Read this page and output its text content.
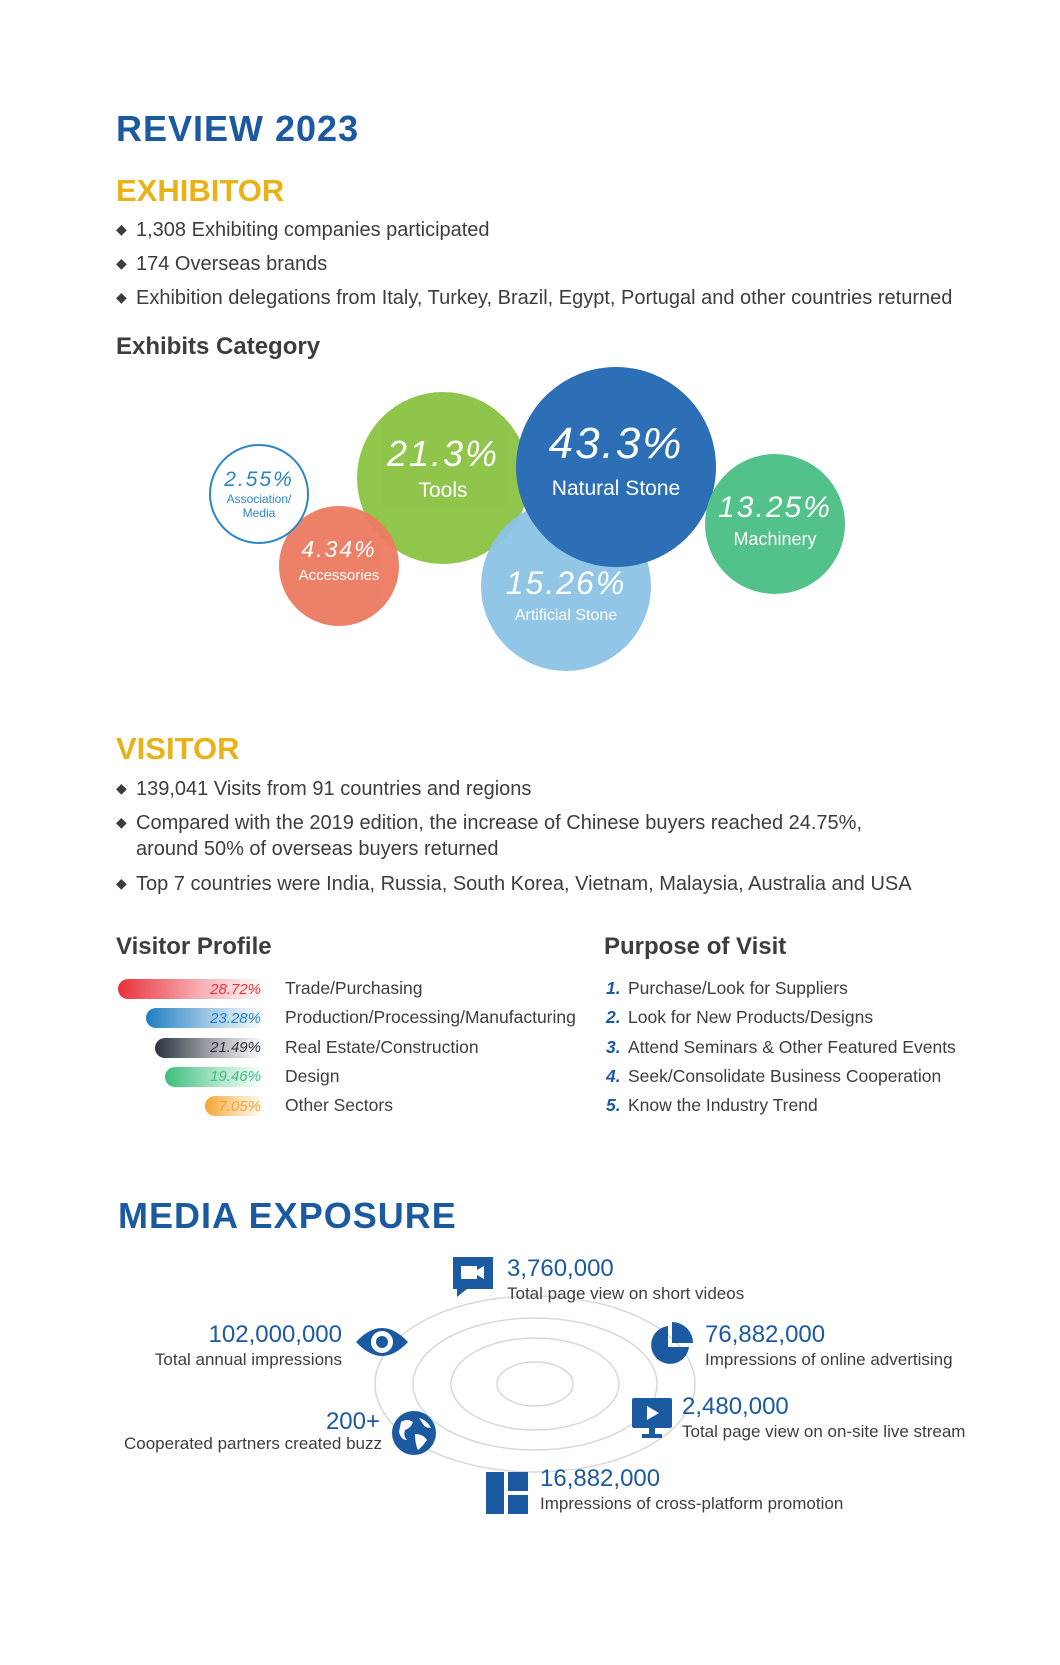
REVIEW 2023
EXHIBITOR
◆ 1,308 Exhibiting companies participated
◆ 174 Overseas brands
◆ Exhibition delegations from Italy, Turkey, Brazil, Egypt, Portugal and other countries returned
Exhibits Category
21.3%
Tools
15.26%
Artificial Stone
4.34%
Accessories
2.55%
Association/ Media
43.3%
Natural Stone
13.25%
Machinery
VISITOR
◆ 139,041 Visits from 91 countries and regions
◆ Compared with the 2019 edition, the increase of Chinese buyers reached 24.75%,
around 50% of overseas buyers returned
◆ Top 7 countries were India, Russia, South Korea, Vietnam, Malaysia, Australia and USA
Visitor Profile
28.72% Trade/Purchasing
23.28% Production/Processing/Manufacturing
21.49% Real Estate/Construction
19.46% Design
7.05% Other Sectors
Purpose of Visit
1. Purchase/Look for Suppliers
2. Look for New Products/Designs
3. Attend Seminars & Other Featured Events
4. Seek/Consolidate Business Cooperation
5. Know the Industry Trend
MEDIA EXPOSURE
3,760,000
Total page view on short videos
102,000,000
Total annual impressions
76,882,000
Impressions of online advertising
200+
Cooperated partners created buzz
2,480,000
Total page view on on-site live stream
16,882,000
Impressions of cross-platform promotion
